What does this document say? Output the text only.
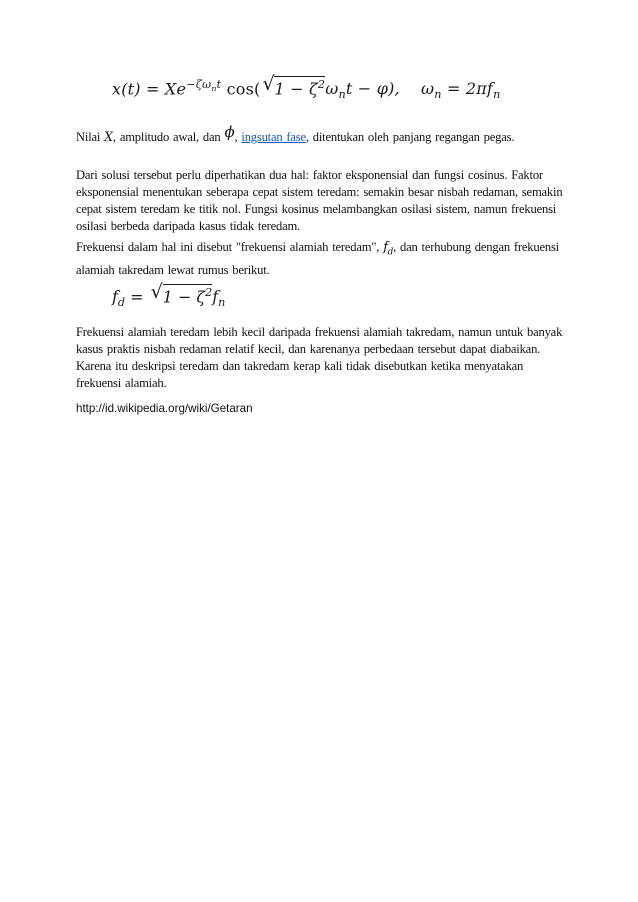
$x(t) = Xe^{-\zeta\omega_nt}$ cos( √ $1 - \zeta^2\omega_nt - \varphi$), $\omega_n = 2\pi f_n$
Nilai X, amplitudo awal, dan ϕ, ingsutan fase, ditentukan oleh panjang regangan pegas.
Dari solusi tersebut perlu diperhatikan dua hal: faktor eksponensial dan fungsi cosinus. Faktor eksponensial menentukan seberapa cepat sistem teredam: semakin besar nisbah redaman, semakin cepat sistem teredam ke titik nol. Fungsi kosinus melambangkan osilasi sistem, namun frekuensi osilasi berbeda daripada kasus tidak teredam.
Frekuensi dalam hal ini disebut "frekuensi alamiah teredam", $f_d$, dan terhubung dengan frekuensi alamiah takredam lewat rumus berikut.
$f_d$ = √ $1 - \zeta^2f_n$
Frekuensi alamiah teredam lebih kecil daripada frekuensi alamiah takredam, namun untuk banyak kasus praktis nisbah redaman relatif kecil, dan karenanya perbedaan tersebut dapat diabaikan. Karena itu deskripsi teredam dan takredam kerap kali tidak disebutkan ketika menyatakan frekuensi alamiah.
http://id.wikipedia.org/wiki/Getaran
